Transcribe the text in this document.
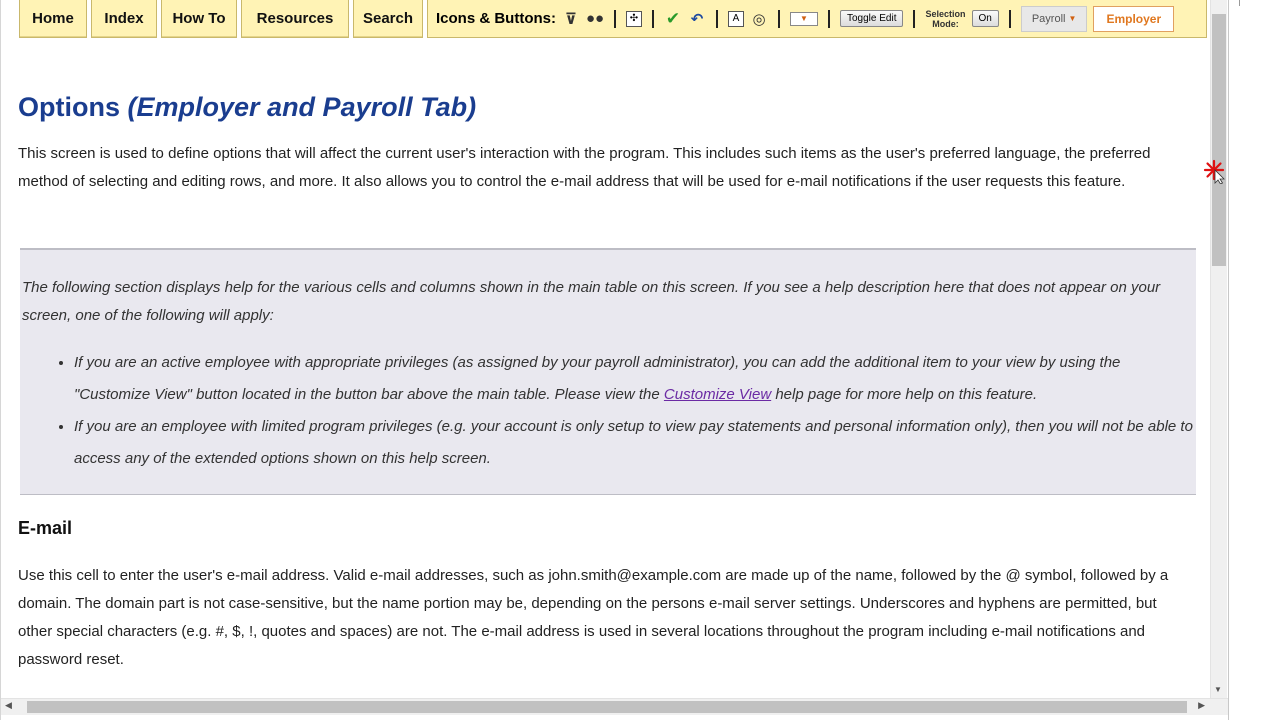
Home	Index	How To	Resources	Search	Icons & Buttons: ⊽ ●●	✣ ✔ ↶	A ◎	▼	Toggle Edit	Selection
Mode:	On	Payroll
▼	Employer
Options (Employer and Payroll Tab)

This screen is used to define options that will affect the current user's interaction with the program. This includes such items as the user's preferred language, the preferred method of selecting and editing rows, and more. It also allows you to control the e-mail address that will be used for e-mail notifications if the user requests this feature.

The following section displays help for the various cells and columns shown in the main table on this screen. If you see a help description here that does not appear on your screen, one of the following will apply:

• If you are an active employee with appropriate privileges (as assigned by your payroll administrator), you can add the additional item to your view by using the "Customize View" button located in the button bar above the main table. Please view the Customize View help page for more help on this feature.
• If you are an employee with limited program privileges (e.g. your account is only setup to view pay statements and personal information only), then you will not be able to access any of the extended options shown on this help screen.
E-mail

Use this cell to enter the user's e-mail address. Valid e-mail addresses, such as john.smith@example.com are made up of the name, followed by the @ symbol, followed by a domain. The domain part is not case-sensitive, but the name portion may be, depending on the persons e-mail server settings. Underscores and hyphens are permitted, but other special characters (e.g. #, $, !, quotes and spaces) are not. The e-mail address is used in several locations throughout the program including e-mail notifications and password reset.

▼
◀	▶
